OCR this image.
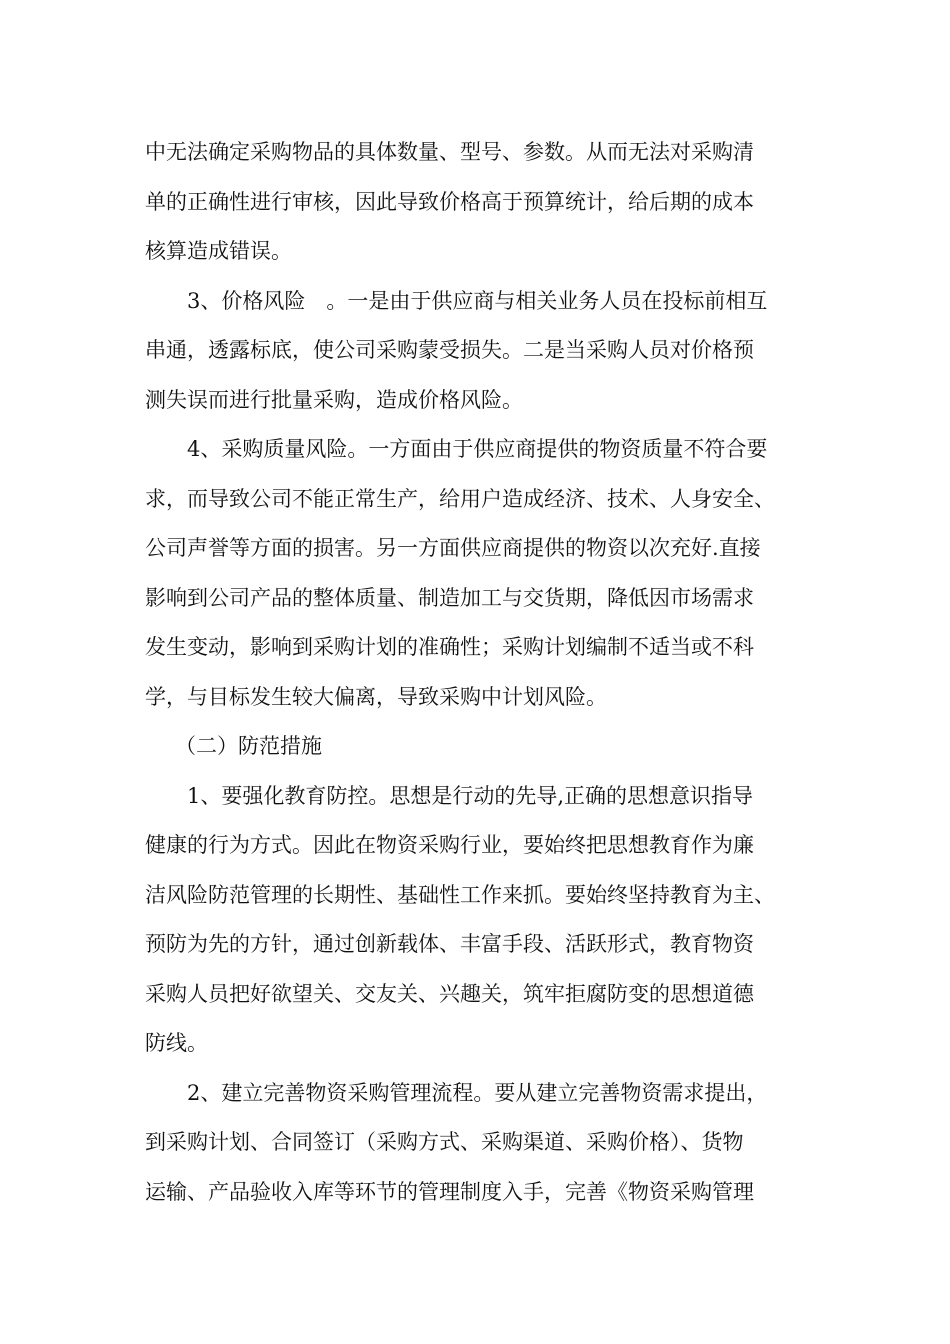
中无法确定采购物品的具体数量、型号、参数。从而无法对采购清
单的正确性进行审核，因此导致价格高于预算统计，给后期的成本
核算造成错误。
3、价格风险　。一是由于供应商与相关业务人员在投标前相互
串通，透露标底，使公司采购蒙受损失。二是当采购人员对价格预
测失误而进行批量采购，造成价格风险。
4、采购质量风险。一方面由于供应商提供的物资质量不符合要
求，而导致公司不能正常生产，给用户造成经济、技术、人身安全、
公司声誉等方面的损害。另一方面供应商提供的物资以次充好.直接
影响到公司产品的整体质量、制造加工与交货期，降低因市场需求
发生变动，影响到采购计划的准确性；采购计划编制不适当或不科
学，与目标发生较大偏离，导致采购中计划风险。
（二）防范措施
1、要强化教育防控。思想是行动的先导,正确的思想意识指导
健康的行为方式。因此在物资采购行业，要始终把思想教育作为廉
洁风险防范管理的长期性、基础性工作来抓。要始终坚持教育为主、
预防为先的方针，通过创新载体、丰富手段、活跃形式，教育物资
采购人员把好欲望关、交友关、兴趣关，筑牢拒腐防变的思想道德
防线。
2、建立完善物资采购管理流程。要从建立完善物资需求提出，
到采购计划、合同签订（采购方式、采购渠道、采购价格）、货物
运输、产品验收入库等环节的管理制度入手，完善《物资采购管理
